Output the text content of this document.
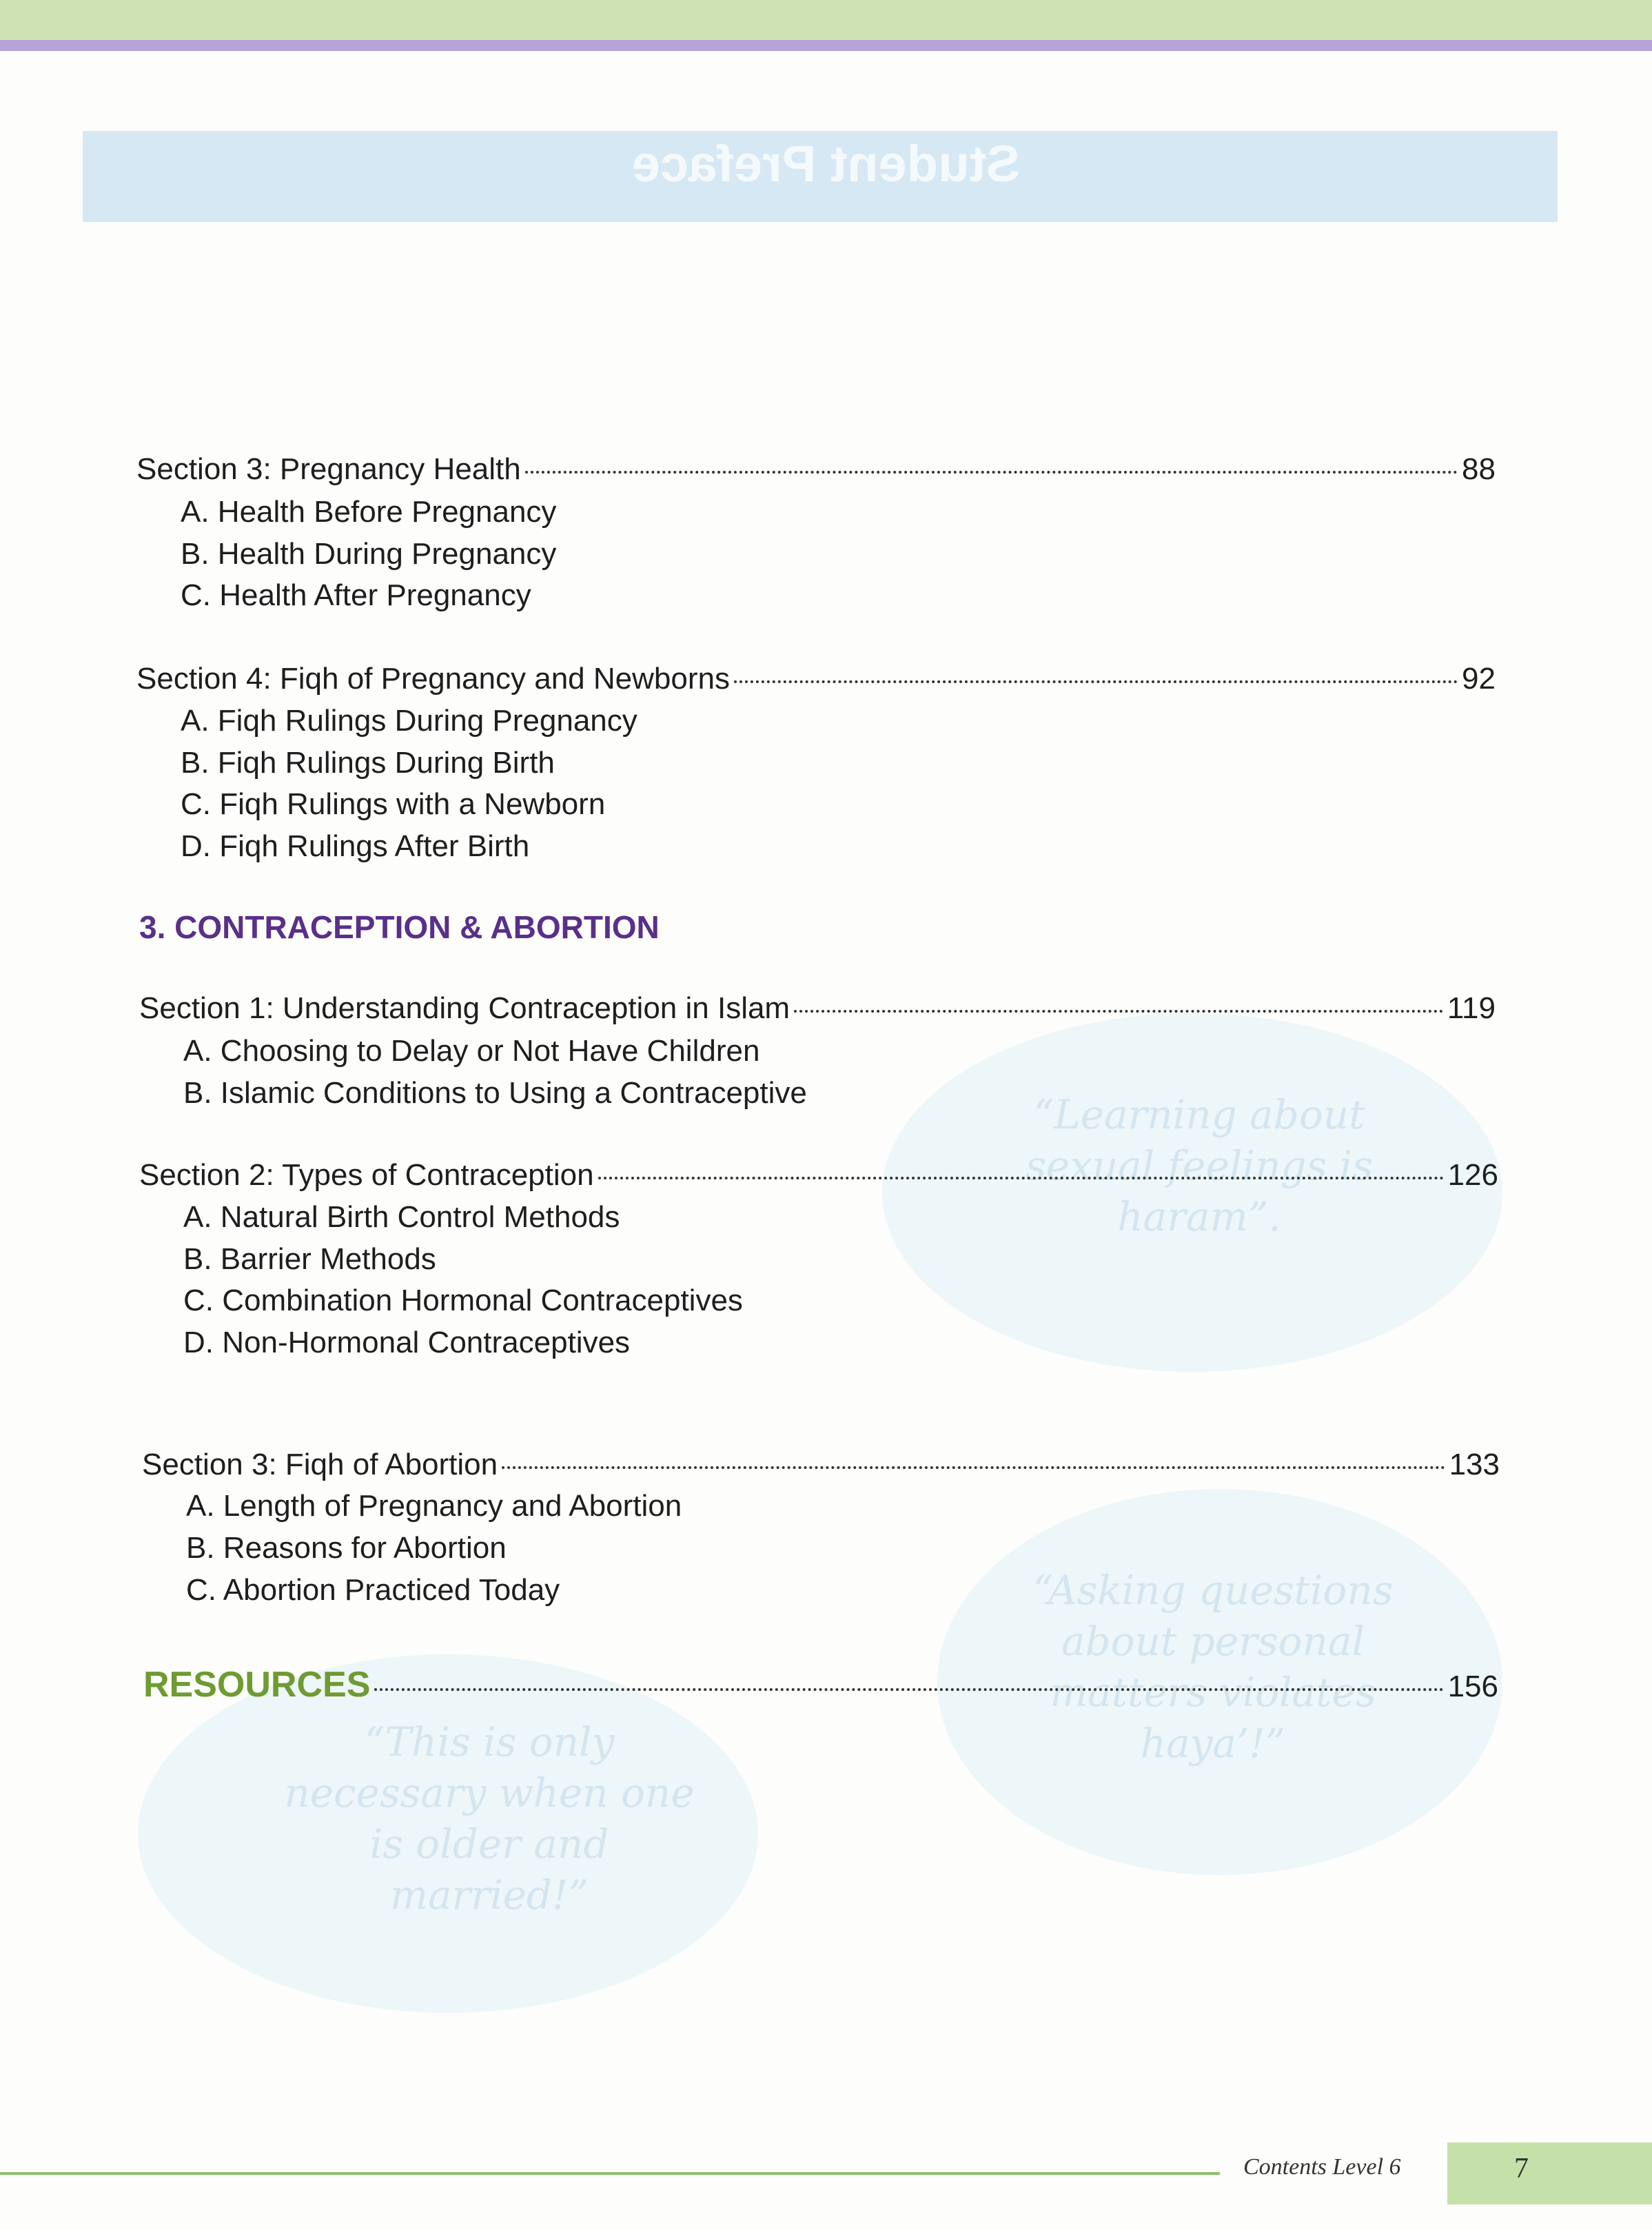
Student Preface
“Learning about sexual feelings is haram”.
“Asking questions about personal matters violates haya’!”
“This is only necessary when one is older and married!”
Section 3: Pregnancy Health	88
A. Health Before Pregnancy
B. Health During Pregnancy
C. Health After Pregnancy
Section 4: Fiqh of Pregnancy and Newborns	92
A. Fiqh Rulings During Pregnancy
B. Fiqh Rulings During Birth
C. Fiqh Rulings with a Newborn
D. Fiqh Rulings After Birth
3. CONTRACEPTION & ABORTION
Section 1: Understanding Contraception in Islam	119
A. Choosing to Delay or Not Have Children
B. Islamic Conditions to Using a Contraceptive
Section 2: Types of Contraception	126
A. Natural Birth Control Methods
B. Barrier Methods
C. Combination Hormonal Contraceptives
D. Non-Hormonal Contraceptives
Section 3: Fiqh of Abortion	133
A. Length of Pregnancy and Abortion
B. Reasons for Abortion
C. Abortion Practiced Today
RESOURCES	156
Contents Level 6	7
